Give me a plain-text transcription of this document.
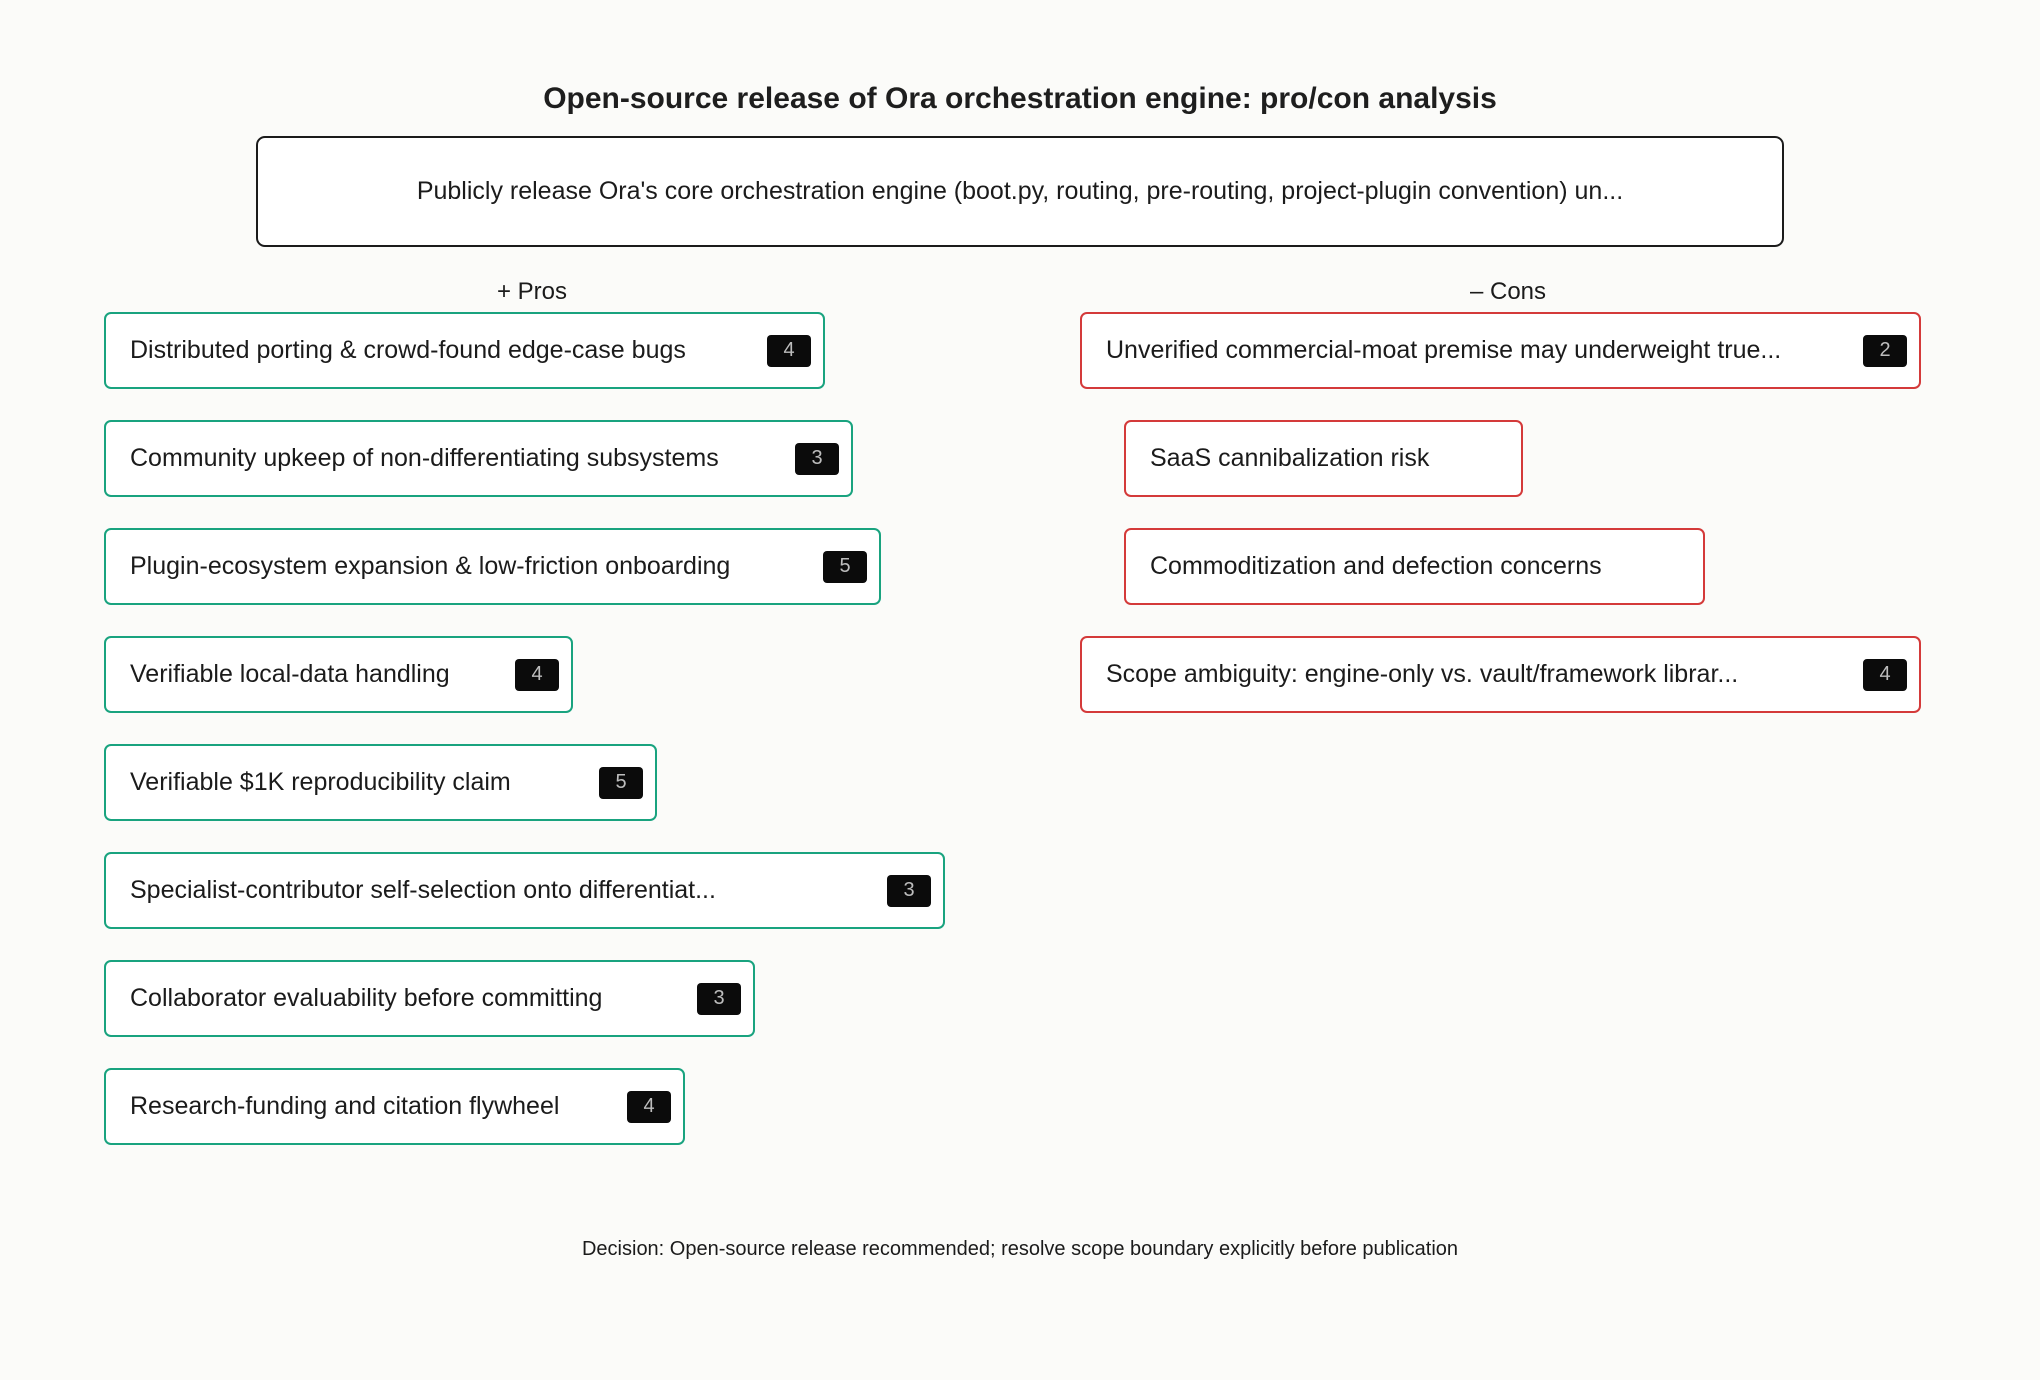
Open-source release of Ora orchestration engine: pro/con analysis
Publicly release Ora's core orchestration engine (boot.py, routing, pre-routing, project-plugin convention) un...
+ Pros	– Cons
Distributed porting & crowd-found edge-case bugs	4
Community upkeep of non-differentiating subsystems	3
Plugin-ecosystem expansion & low-friction onboarding	5
Verifiable local-data handling	4
Verifiable $1K reproducibility claim	5
Specialist-contributor self-selection onto differentiat...	3
Collaborator evaluability before committing	3
Research-funding and citation flywheel	4
Unverified commercial-moat premise may underweight true...	2
SaaS cannibalization risk
Commoditization and defection concerns
Scope ambiguity: engine-only vs. vault/framework librar...	4
Decision: Open-source release recommended; resolve scope boundary explicitly before publication
